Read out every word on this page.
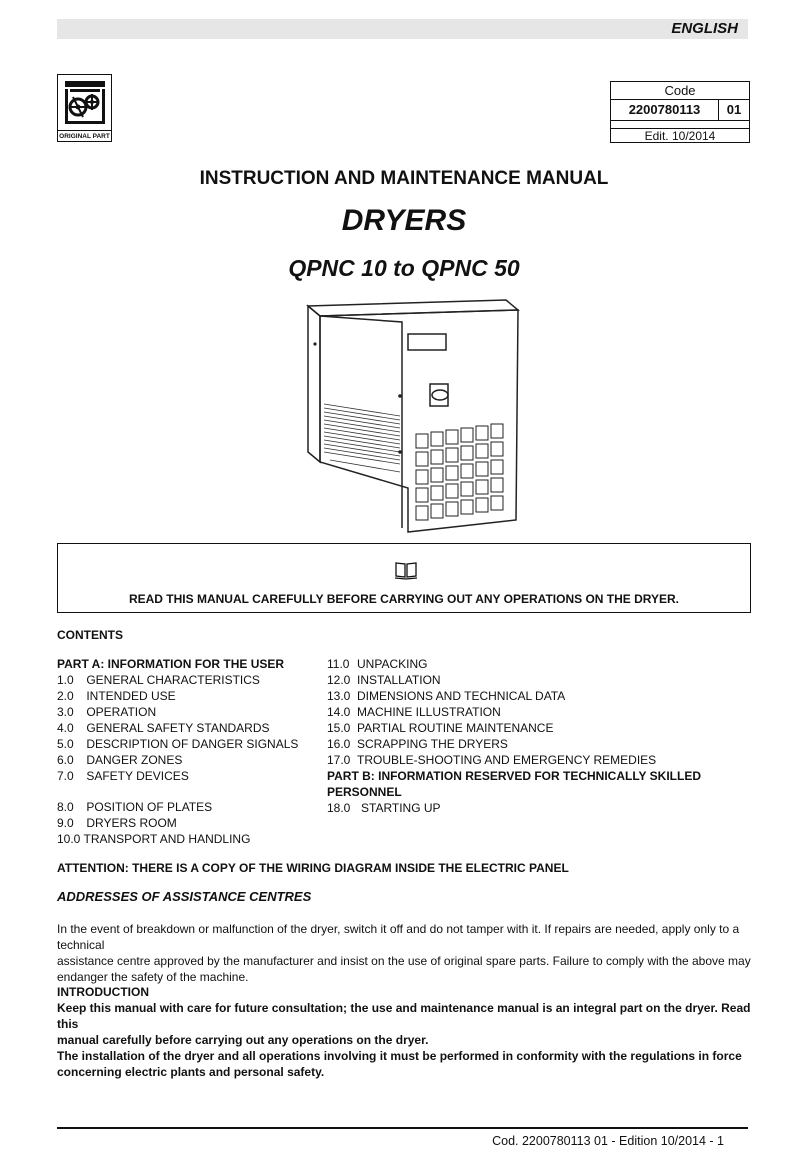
ENGLISH
ORIGINAL PART
Code
2200780113	01
Edit. 10/2014
INSTRUCTION AND MAINTENANCE MANUAL
DRYERS
QPNC 10 to QPNC 50
READ THIS MANUAL CAREFULLY BEFORE CARRYING OUT ANY OPERATIONS ON THE DRYER.
CONTENTS
PART A: INFORMATION FOR THE USER
1.0 GENERAL CHARACTERISTICS
2.0 INTENDED USE
3.0 OPERATION
4.0 GENERAL SAFETY STANDARDS
5.0 DESCRIPTION OF DANGER SIGNALS
6.0 DANGER ZONES
7.0 SAFETY DEVICES
8.0 POSITION OF PLATES
9.0 DRYERS ROOM
10.0 TRANSPORT AND HANDLING
11.0 UNPACKING
12.0 INSTALLATION
13.0 DIMENSIONS AND TECHNICAL DATA
14.0 MACHINE ILLUSTRATION
15.0 PARTIAL ROUTINE MAINTENANCE
16.0 SCRAPPING THE DRYERS
17.0 TROUBLE-SHOOTING AND EMERGENCY REMEDIES
PART B: INFORMATION RESERVED FOR TECHNICALLY SKILLED
PERSONNEL
18.0 STARTING UP
ATTENTION: THERE IS A COPY OF THE WIRING DIAGRAM INSIDE THE ELECTRIC PANEL
ADDRESSES OF ASSISTANCE CENTRES
In the event of breakdown or malfunction of the dryer, switch it off and do not tamper with it. If repairs are needed, apply only to a technical
assistance centre approved by the manufacturer and insist on the use of original spare parts. Failure to comply with the above may
endanger the safety of the machine.
INTRODUCTION
Keep this manual with care for future consultation; the use and maintenance manual is an integral part on the dryer. Read this
manual carefully before carrying out any operations on the dryer.
The installation of the dryer and all operations involving it must be performed in conformity with the regulations in force
concerning electric plants and personal safety.
Cod. 2200780113 01 - Edition 10/2014 - 1
